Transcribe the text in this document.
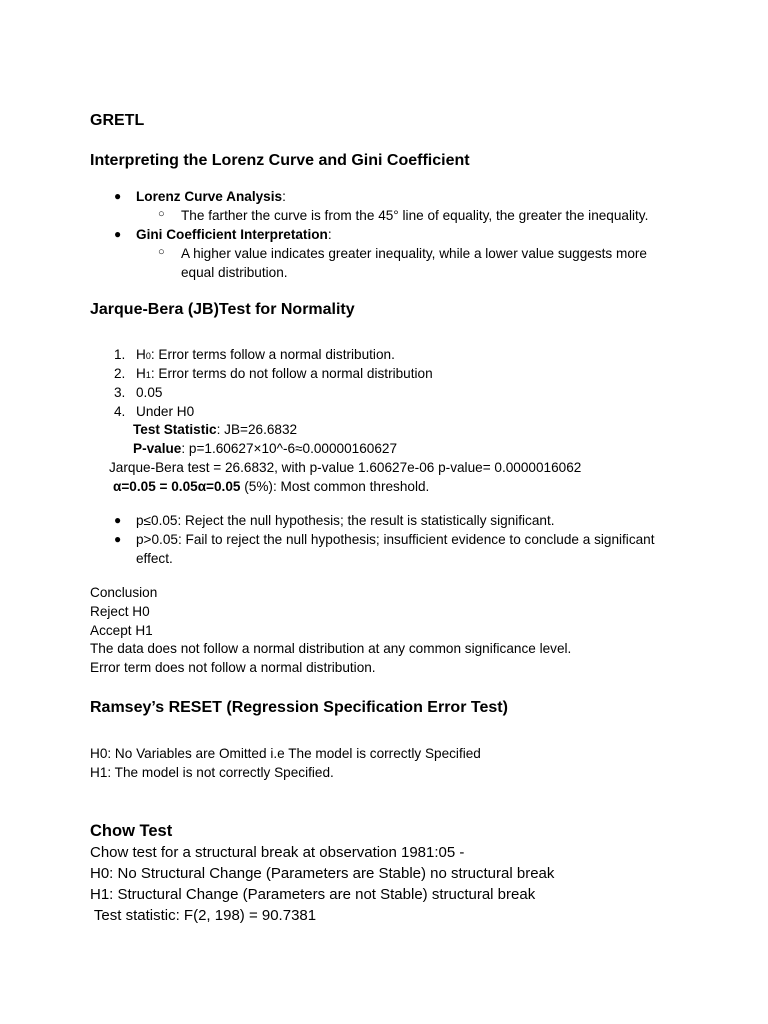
GRETL
Interpreting the Lorenz Curve and Gini Coefficient
● Lorenz Curve Analysis:
○ The farther the curve is from the 45° line of equality, the greater the inequality.
● Gini Coefficient Interpretation:
○ A higher value indicates greater inequality, while a lower value suggests more equal distribution.
Jarque-Bera (JB)Test for Normality
1. H0: Error terms follow a normal distribution.
2. H1: Error terms do not follow a normal distribution
3. 0.05
4. Under H0
Test Statistic: JB=26.6832
P-value: p=1.60627×10^-6≈0.00000160627
Jarque-Bera test = 26.6832, with p-value 1.60627e-06 p-value= 0.0000016062
α=0.05 = 0.05α=0.05 (5%): Most common threshold.
● p≤0.05: Reject the null hypothesis; the result is statistically significant.
● p>0.05: Fail to reject the null hypothesis; insufficient evidence to conclude a significant effect.
Conclusion
Reject H0
Accept H1
The data does not follow a normal distribution at any common significance level.
Error term does not follow a normal distribution.
Ramsey’s RESET (Regression Specification Error Test)
H0: No Variables are Omitted i.e The model is correctly Specified
H1: The model is not correctly Specified.
Chow Test
Chow test for a structural break at observation 1981:05 -
H0: No Structural Change (Parameters are Stable) no structural break
H1: Structural Change (Parameters are not Stable) structural break
Test statistic: F(2, 198) = 90.7381
